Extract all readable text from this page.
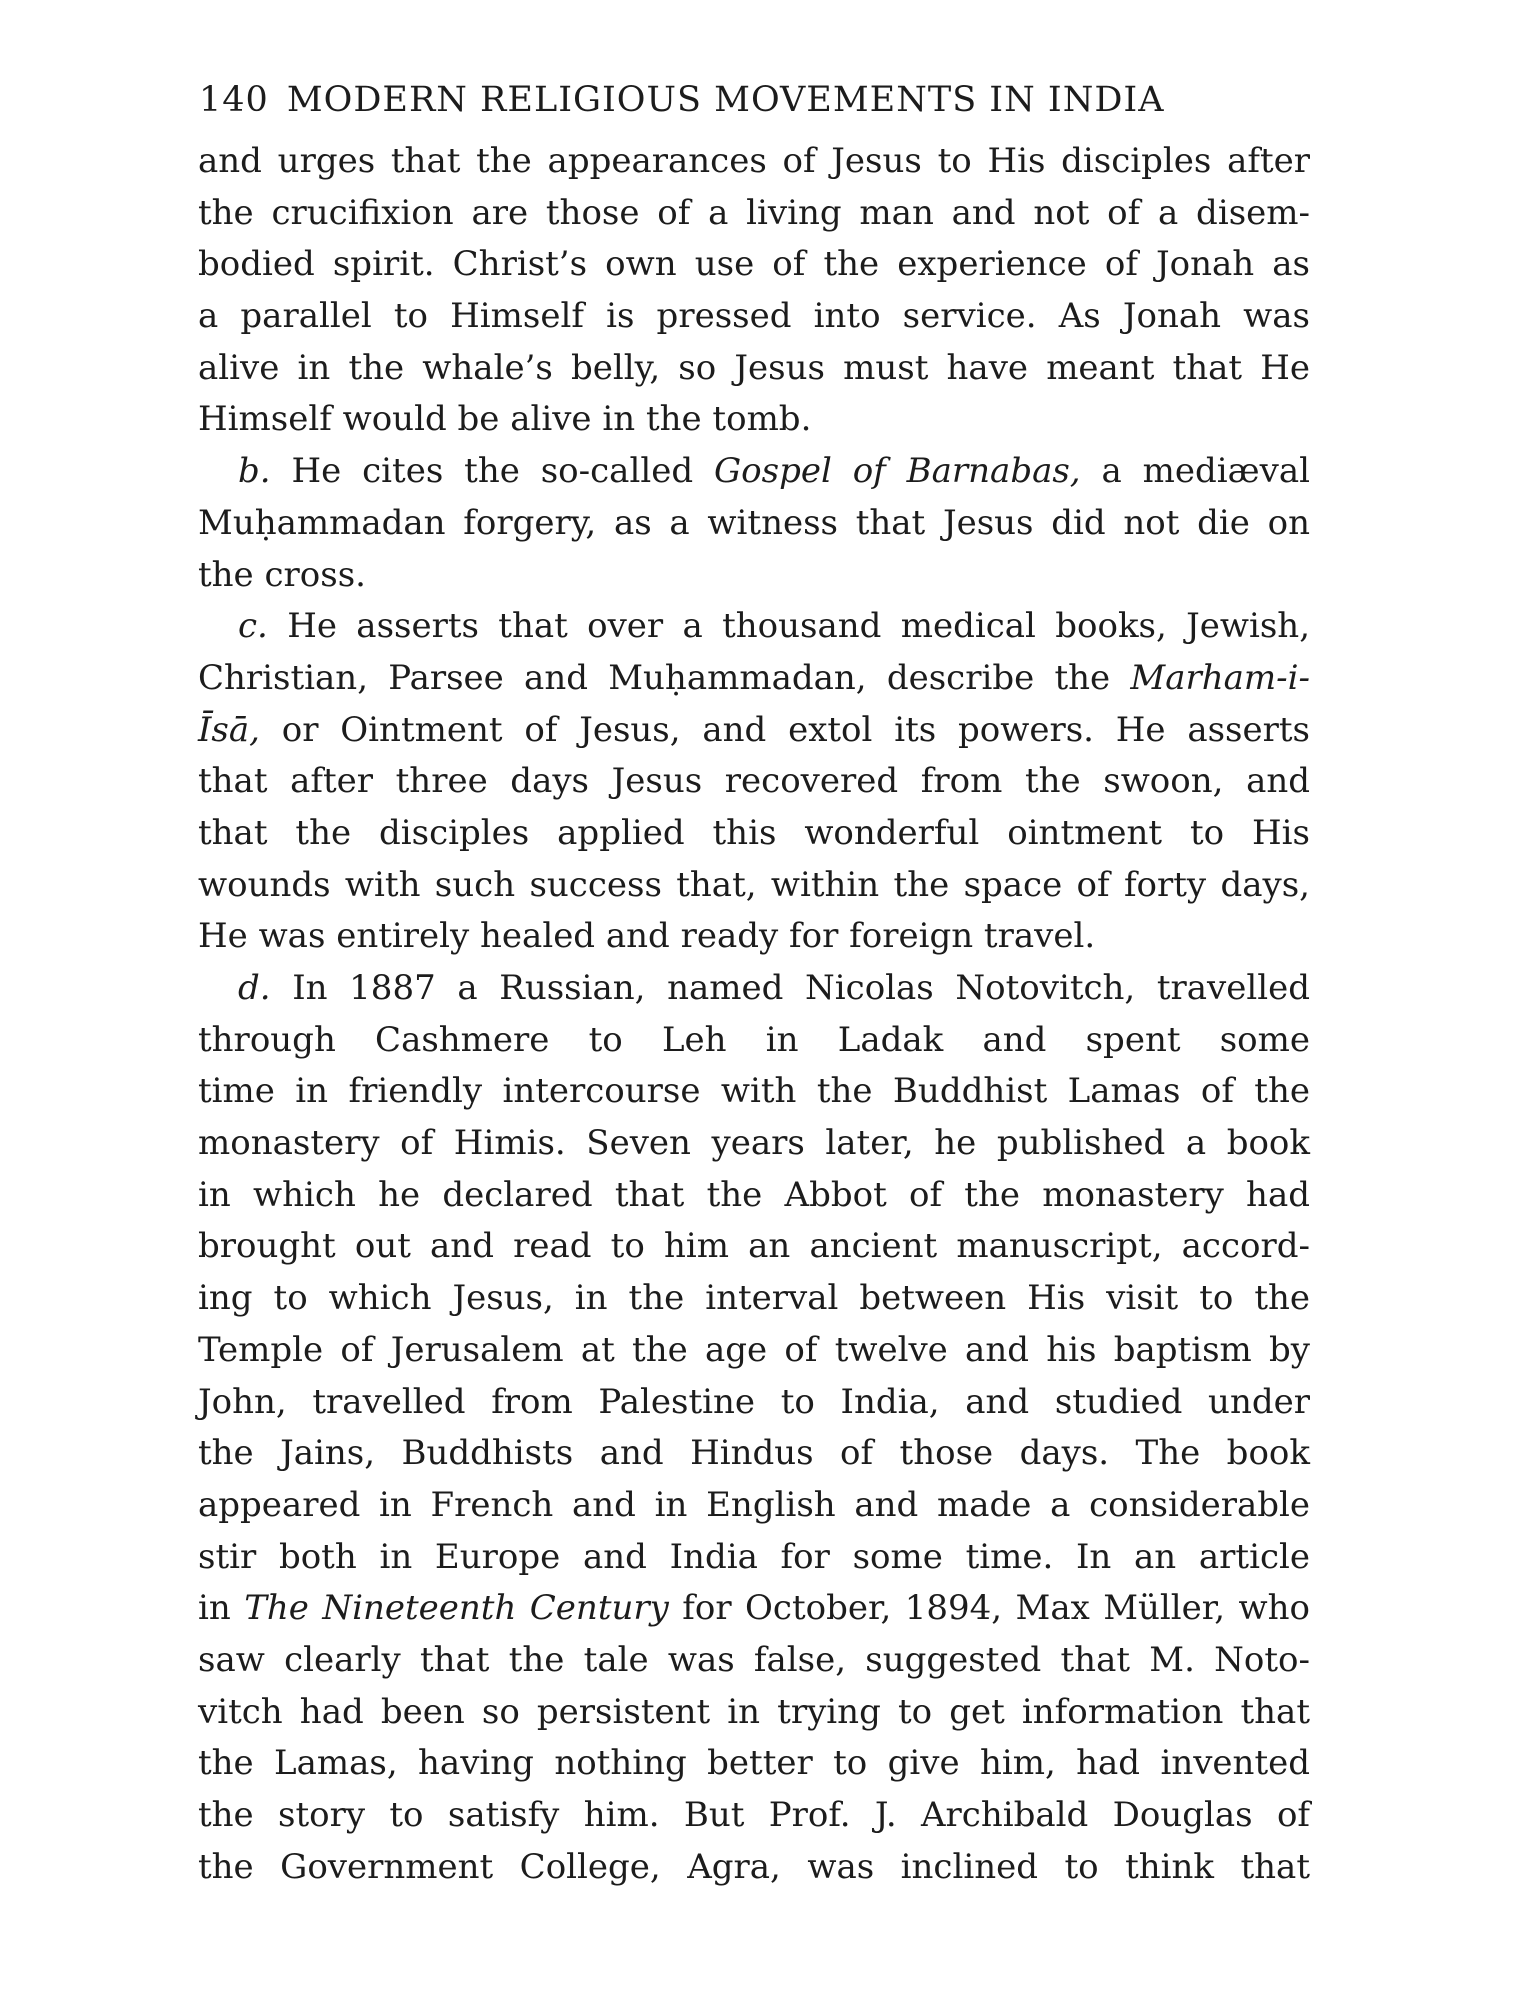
140 MODERN RELIGIOUS MOVEMENTS IN INDIA
and urges that the appearances of Jesus to His disciples after
the crucifixion are those of a living man and not of a disem-
bodied spirit. Christ’s own use of the experience of Jonah as
a parallel to Himself is pressed into service. As Jonah was
alive in the whale’s belly, so Jesus must have meant that He
Himself would be alive in the tomb.
b. He cites the so-called Gospel of Barnabas, a mediæval
Muḥammadan forgery, as a witness that Jesus did not die on
the cross.
c. He asserts that over a thousand medical books, Jewish,
Christian, Parsee and Muḥammadan, describe the Marham-i-
Īsā, or Ointment of Jesus, and extol its powers. He asserts
that after three days Jesus recovered from the swoon, and
that the disciples applied this wonderful ointment to His
wounds with such success that, within the space of forty days,
He was entirely healed and ready for foreign travel.
d. In 1887 a Russian, named Nicolas Notovitch, travelled
through Cashmere to Leh in Ladak and spent some
time in friendly intercourse with the Buddhist Lamas of the
monastery of Himis. Seven years later, he published a book
in which he declared that the Abbot of the monastery had
brought out and read to him an ancient manuscript, accord-
ing to which Jesus, in the interval between His visit to the
Temple of Jerusalem at the age of twelve and his baptism by
John, travelled from Palestine to India, and studied under
the Jains, Buddhists and Hindus of those days. The book
appeared in French and in English and made a considerable
stir both in Europe and India for some time. In an article
in The Nineteenth Century for October, 1894, Max Müller, who
saw clearly that the tale was false, suggested that M. Noto-
vitch had been so persistent in trying to get information that
the Lamas, having nothing better to give him, had invented
the story to satisfy him. But Prof. J. Archibald Douglas of
the Government College, Agra, was inclined to think that
